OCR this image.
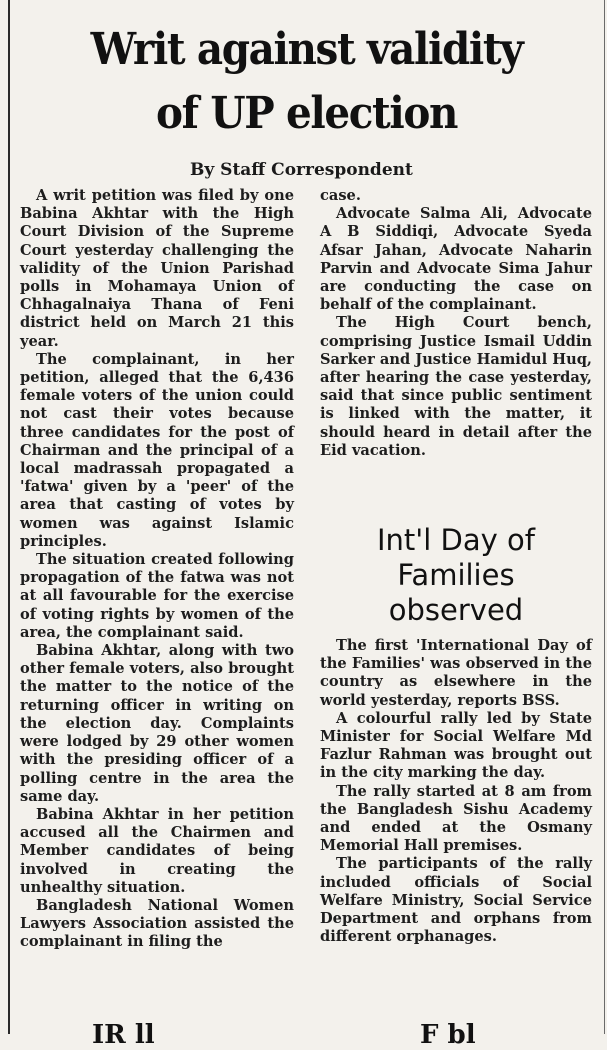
Writ against validity
of UP election
By Staff Correspondent

A writ petition was filed by one Babina Akhtar with the High Court Division of the Supreme Court yesterday challenging the validity of the Union Parishad polls in Mohamaya Union of Chhagalnaiya Thana of Feni district held on March 21 this year.

The complainant, in her petition, alleged that the 6,436 female voters of the union could not cast their votes because three candidates for the post of Chairman and the principal of a local madrassah propagated a 'fatwa' given by a 'peer' of the area that casting of votes by women was against Islamic principles.

The situation created following propagation of the fatwa was not at all favourable for the exercise of voting rights by women of the area, the complainant said.

Babina Akhtar, along with two other female voters, also brought the matter to the notice of the returning officer in writing on the election day. Complaints were lodged by 29 other women with the presiding officer of a polling centre in the area the same day.

Babina Akhtar in her petition accused all the Chairmen and Member candidates of being involved in creating the unhealthy situation.

Bangladesh National Women Lawyers Association assisted the complainant in filing the

case.

Advocate Salma Ali, Advocate A B Siddiqi, Advocate Syeda Afsar Jahan, Advocate Naharin Parvin and Advocate Sima Jahur are conducting the case on behalf of the complainant.

The High Court bench, comprising Justice Ismail Uddin Sarker and Justice Hamidul Huq, after hearing the case yesterday, said that since public sentiment is linked with the matter, it should heard in detail after the Eid vacation.

Int'l Day of
Families
observed

The first 'International Day of the Families' was observed in the country as elsewhere in the world yesterday, reports BSS.

A colourful rally led by State Minister for Social Welfare Md Fazlur Rahman was brought out in the city marking the day.

The rally started at 8 am from the Bangladesh Sishu Academy and ended at the Osmany Memorial Hall premises.

The participants of the rally included officials of Social Welfare Ministry, Social Service Department and orphans from different orphanages.

IR ll	F bl
